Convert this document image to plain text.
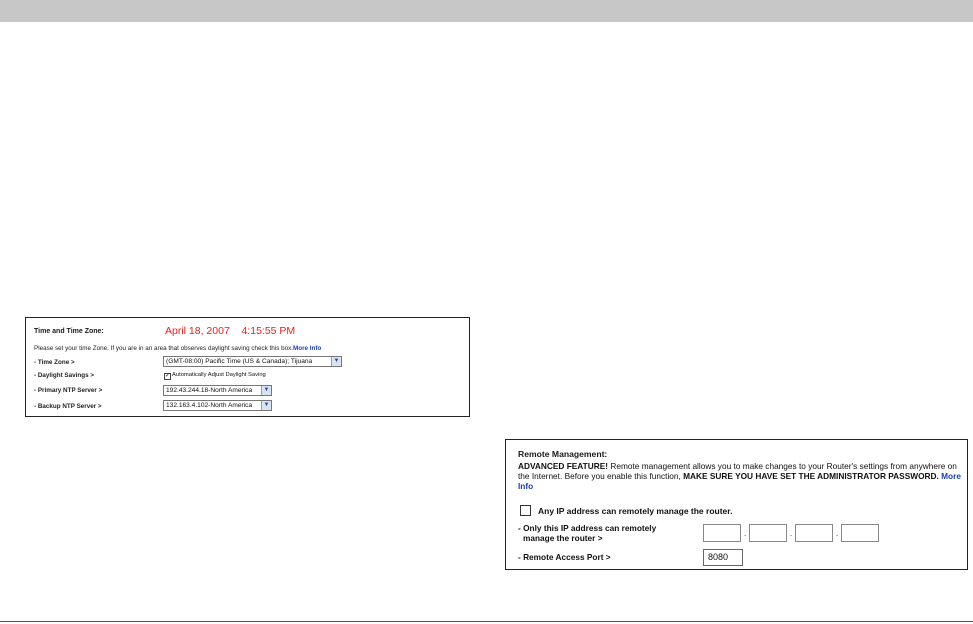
Time and Time Zone:	April 18, 2007 4:15:55 PM
Please set your time Zone. If you are in an area that observes daylight saving check this box.More Info
- Time Zone >	(GMT-08:00) Pacific Time (US & Canada); Tijuana	▼
- Daylight Savings >	✓ Automatically Adjust Daylight Saving
- Primary NTP Server >	192.43.244.18-North America	▼
- Backup NTP Server >	132.163.4.102-North America	▼
Remote Management:
ADVANCED FEATURE! Remote management allows you to make changes to your Router's settings from anywhere on the Internet. Before you enable this function, MAKE SURE YOU HAVE SET THE ADMINISTRATOR PASSWORD. More Info
Any IP address can remotely manage the router.
- Only this IP address can remotely
manage the router >	.	.	.
- Remote Access Port >	8080
